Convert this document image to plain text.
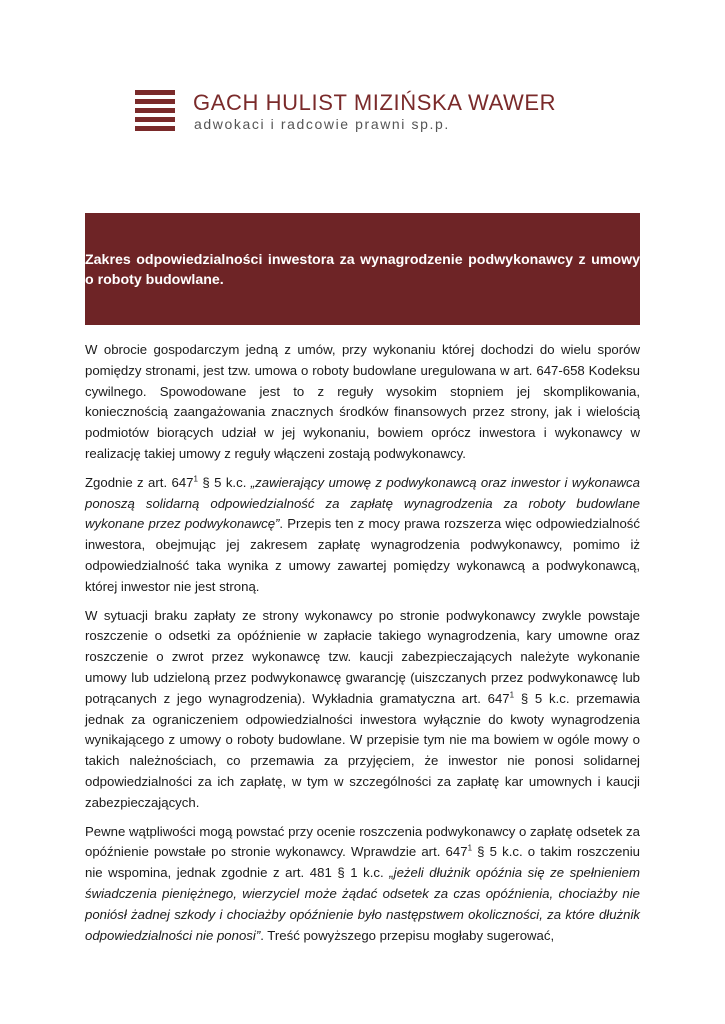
GACH HULIST MIZIŃSKA WAWER
adwokaci i radcowie prawni sp.p.
Zakres odpowiedzialności inwestora za wynagrodzenie podwykonawcy z umowy o roboty budowlane.

W obrocie gospodarczym jedną z umów, przy wykonaniu której dochodzi do wielu sporów pomiędzy stronami, jest tzw. umowa o roboty budowlane uregulowana w art. 647-658 Kodeksu cywilnego. Spowodowane jest to z reguły wysokim stopniem jej skomplikowania, koniecznością zaangażowania znacznych środków finansowych przez strony, jak i wielością podmiotów biorących udział w jej wykonaniu, bowiem oprócz inwestora i wykonawcy w realizację takiej umowy z reguły włączeni zostają podwykonawcy.

Zgodnie z art. $647^1$ § 5 k.c. „zawierający umowę z podwykonawcą oraz inwestor i wykonawca ponoszą solidarną odpowiedzialność za zapłatę wynagrodzenia za roboty budowlane wykonane przez podwykonawcę”. Przepis ten z mocy prawa rozszerza więc odpowiedzialność inwestora, obejmując jej zakresem zapłatę wynagrodzenia podwykonawcy, pomimo iż odpowiedzialność taka wynika z umowy zawartej pomiędzy wykonawcą a podwykonawcą, której inwestor nie jest stroną.

W sytuacji braku zapłaty ze strony wykonawcy po stronie podwykonawcy zwykle powstaje roszczenie o odsetki za opóźnienie w zapłacie takiego wynagrodzenia, kary umowne oraz roszczenie o zwrot przez wykonawcę tzw. kaucji zabezpieczających należyte wykonanie umowy lub udzieloną przez podwykonawcę gwarancję (uiszczanych przez podwykonawcę lub potrącanych z jego wynagrodzenia). Wykładnia gramatyczna art. $647^1$ § 5 k.c. przemawia jednak za ograniczeniem odpowiedzialności inwestora wyłącznie do kwoty wynagrodzenia wynikającego z umowy o roboty budowlane. W przepisie tym nie ma bowiem w ogóle mowy o takich należnościach, co przemawia za przyjęciem, że inwestor nie ponosi solidarnej odpowiedzialności za ich zapłatę, w tym w szczególności za zapłatę kar umownych i kaucji zabezpieczających.

Pewne wątpliwości mogą powstać przy ocenie roszczenia podwykonawcy o zapłatę odsetek za opóźnienie powstałe po stronie wykonawcy. Wprawdzie art. $647^1$ § 5 k.c. o takim roszczeniu nie wspomina, jednak zgodnie z art. 481 § 1 k.c. „jeżeli dłużnik opóźnia się ze spełnieniem świadczenia pieniężnego, wierzyciel może żądać odsetek za czas opóźnienia, chociażby nie poniósł żadnej szkody i chociażby opóźnienie było następstwem okoliczności, za które dłużnik odpowiedzialności nie ponosi”. Treść powyższego przepisu mogłaby sugerować,
